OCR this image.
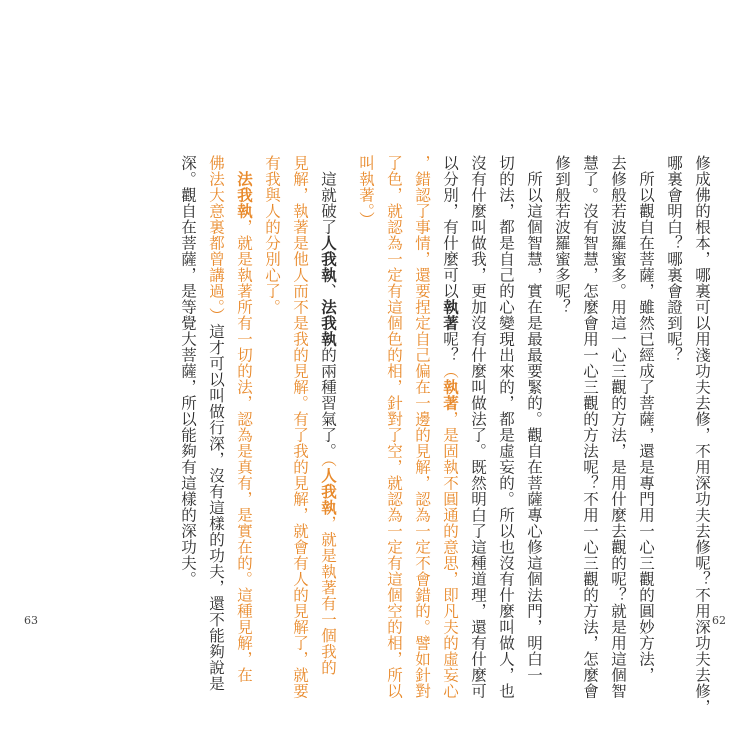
修成佛的根本，哪裏可以用淺功夫去修，不用深功夫去修呢？不用深功夫去修，
哪裏會明白？哪裏會證到呢？
　所以觀自在菩薩，雖然已經成了菩薩，還是專門用一心三觀的圓妙方法，
去修般若波羅蜜多。用這一心三觀的方法，是用什麼去觀的呢？就是用這個智
慧了。沒有智慧，怎麼會用一心三觀的方法呢？不用一心三觀的方法，怎麼會
修到般若波羅蜜多呢？
　所以這個智慧，實在是最最要緊的。觀自在菩薩專心修這個法門，明白一
切的法，都是自己的心變現出來的，都是虛妄的。所以也沒有什麼叫做人，也
沒有什麼叫做我，更加沒有什麼叫做法了。既然明白了這種道理，還有什麼可
以分別，有什麼可以執著呢？（執著，是固執不圓通的意思，即凡夫的虛妄心
，錯認了事情，還要捏定自己偏在一邊的見解，認為一定不會錯的。譬如針對
了色，就認為一定有這個色的相，針對了空，就認為一定有這個空的相，所以
叫執著。）
　這就破了人我執、法我執的兩種習氣了。（人我執，就是執著有一個我的
見解，執著是他人而不是我的見解。有了我的見解，就會有人的見解了，就要
有我與人的分別心了。
　法我執，就是執著所有一切的法，認為是真有，是實在的。這種見解，在
佛法大意裏都曾講過。）這才可以叫做行深，沒有這樣的功夫，還不能夠說是
深。觀自在菩薩，是等覺大菩薩，所以能夠有這樣的深功夫。
63	62
